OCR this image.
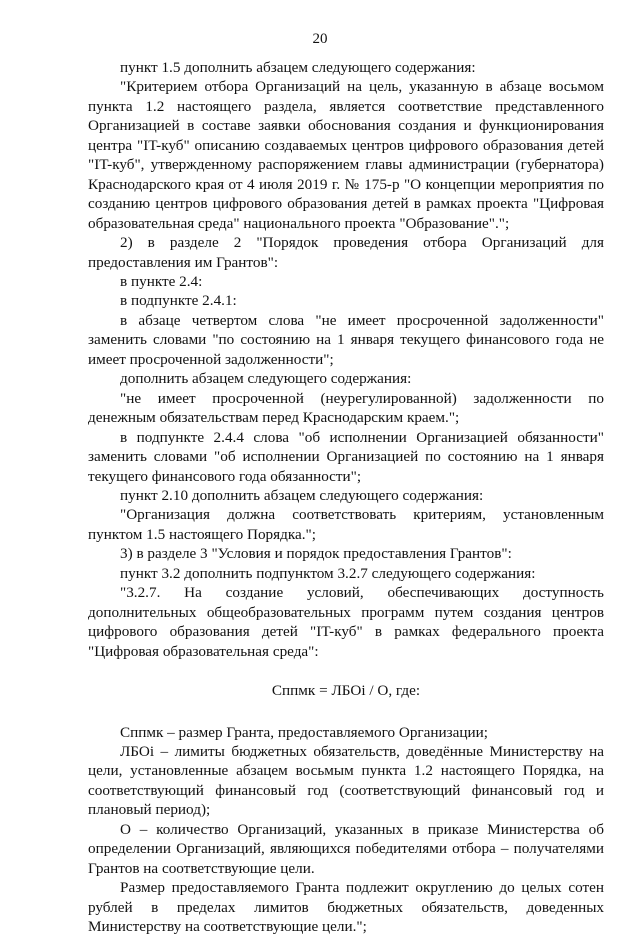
20

пункт 1.5 дополнить абзацем следующего содержания:

"Критерием отбора Организаций на цель, указанную в абзаце восьмом пункта 1.2 настоящего раздела, является соответствие представленного Организацией в составе заявки обоснования создания и функционирования центра "IT-куб" описанию создаваемых центров цифрового образования детей "IT-куб", утвержденному распоряжением главы администрации (губернатора) Краснодарского края от 4 июля 2019 г. № 175-р "О концепции мероприятия по созданию центров цифрового образования детей в рамках проекта "Цифровая образовательная среда" национального проекта "Образование".";

2) в разделе 2 "Порядок проведения отбора Организаций для предоставления им Грантов":

в пункте 2.4:

в подпункте 2.4.1:

в абзаце четвертом слова "не имеет просроченной задолженности" заменить словами "по состоянию на 1 января текущего финансового года не имеет просроченной задолженности";

дополнить абзацем следующего содержания:

"не имеет просроченной (неурегулированной) задолженности по денежным обязательствам перед Краснодарским краем.";

в подпункте 2.4.4 слова "об исполнении Организацией обязанности" заменить словами "об исполнении Организацией по состоянию на 1 января текущего финансового года обязанности";

пункт 2.10 дополнить абзацем следующего содержания:

"Организация должна соответствовать критериям, установленным пунктом 1.5 настоящего Порядка.";

3) в разделе 3 "Условия и порядок предоставления Грантов":

пункт 3.2 дополнить подпунктом 3.2.7 следующего содержания:

"3.2.7. На создание условий, обеспечивающих доступность дополнительных общеобразовательных программ путем создания центров цифрового образования детей "IT-куб" в рамках федерального проекта "Цифровая образовательная среда":

Сппмк = ЛБОi / О, где:

Сппмк – размер Гранта, предоставляемого Организации;

ЛБОi – лимиты бюджетных обязательств, доведённые Министерству на цели, установленные абзацем восьмым пункта 1.2 настоящего Порядка, на соответствующий финансовый год (соответствующий финансовый год и плановый период);

О – количество Организаций, указанных в приказе Министерства об определении Организаций, являющихся победителями отбора – получателями Грантов на соответствующие цели.

Размер предоставляемого Гранта подлежит округлению до целых сотен рублей в пределах лимитов бюджетных обязательств, доведенных Министерству на соответствующие цели.";
